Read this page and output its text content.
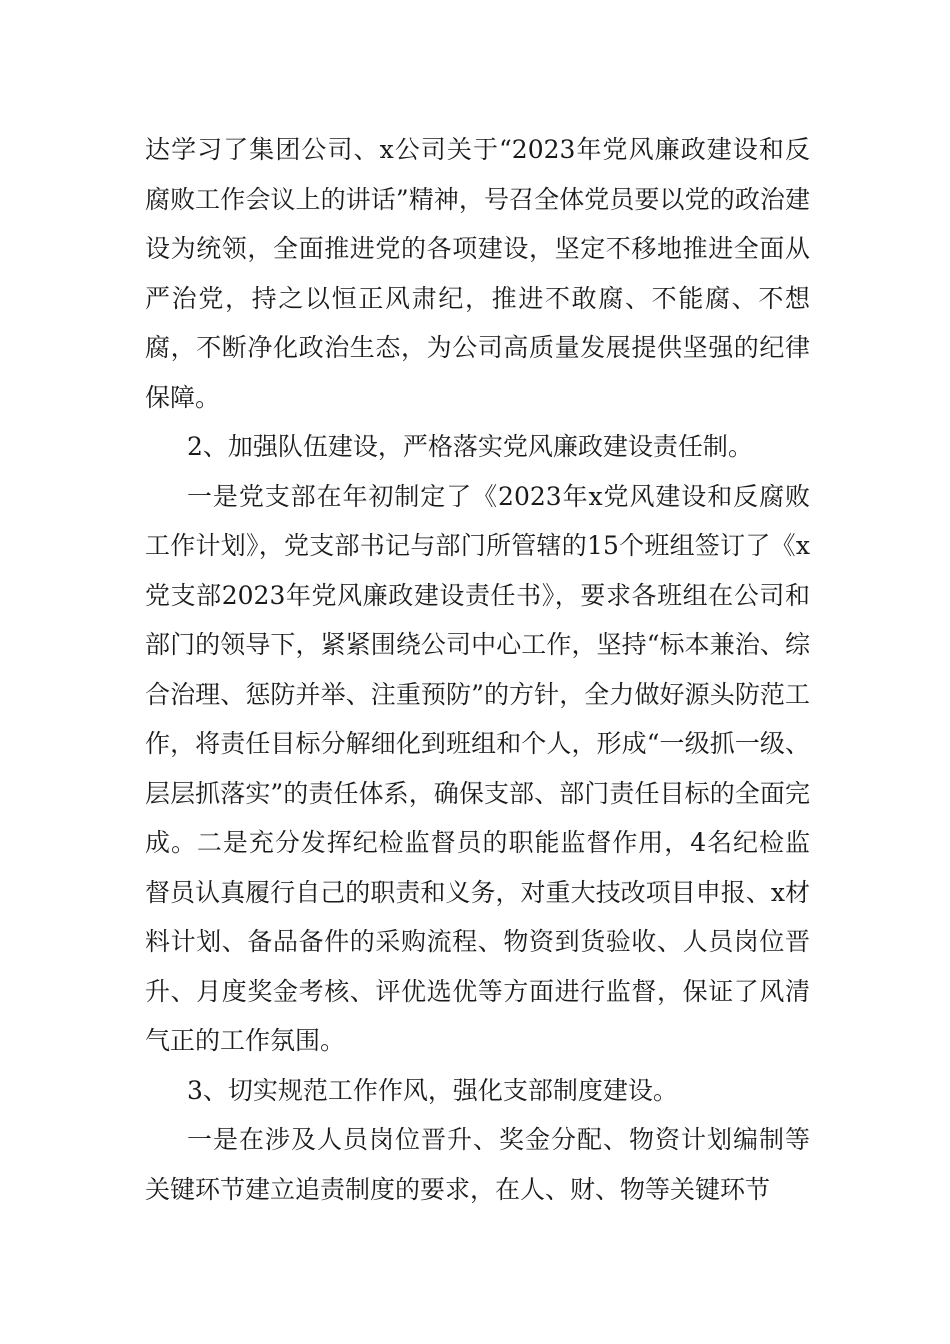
达学习了集团公司、x公司关于“2023年党风廉政建设和反腐败工作会议上的讲话”精神，号召全体党员要以党的政治建设为统领，全面推进党的各项建设，坚定不移地推进全面从严治党，持之以恒正风肃纪，推进不敢腐、不能腐、不想腐，不断净化政治生态，为公司高质量发展提供坚强的纪律保障。

2、加强队伍建设，严格落实党风廉政建设责任制。

一是党支部在年初制定了《2023年x党风建设和反腐败工作计划》，党支部书记与部门所管辖的15个班组签订了《x党支部2023年党风廉政建设责任书》，要求各班组在公司和部门的领导下，紧紧围绕公司中心工作，坚持“标本兼治、综合治理、惩防并举、注重预防”的方针，全力做好源头防范工作，将责任目标分解细化到班组和个人，形成“一级抓一级、层层抓落实”的责任体系，确保支部、部门责任目标的全面完成。二是充分发挥纪检监督员的职能监督作用，4名纪检监督员认真履行自己的职责和义务，对重大技改项目申报、x材料计划、备品备件的采购流程、物资到货验收、人员岗位晋升、月度奖金考核、评优选优等方面进行监督，保证了风清气正的工作氛围。

3、切实规范工作作风，强化支部制度建设。

一是在涉及人员岗位晋升、奖金分配、物资计划编制等关键环节建立追责制度的要求，在人、财、物等关键环节
